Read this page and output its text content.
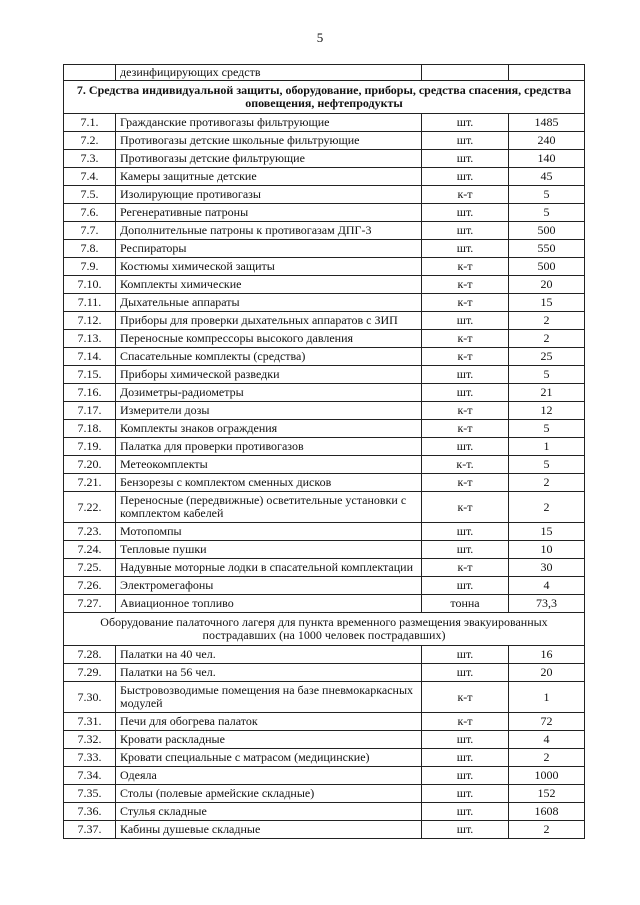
5
	дезинфицирующих средств		
7. Средства индивидуальной защиты, оборудование, приборы, средства спасения, средства оповещения, нефтепродукты			
7.1.	Гражданские противогазы фильтрующие	шт.	1485
7.2.	Противогазы детские школьные фильтрующие	шт.	240
7.3.	Противогазы детские фильтрующие	шт.	140
7.4.	Камеры защитные детские	шт.	45
7.5.	Изолирующие противогазы	к-т	5
7.6.	Регенеративные патроны	шт.	5
7.7.	Дополнительные патроны к противогазам ДПГ-3	шт.	500
7.8.	Респираторы	шт.	550
7.9.	Костюмы химической защиты	к-т	500
7.10.	Комплекты химические	к-т	20
7.11.	Дыхательные аппараты	к-т	15
7.12.	Приборы для проверки дыхательных аппаратов с ЗИП	шт.	2
7.13.	Переносные компрессоры высокого давления	к-т	2
7.14.	Спасательные комплекты (средства)	к-т	25
7.15.	Приборы химической разведки	шт.	5
7.16.	Дозиметры-радиометры	шт.	21
7.17.	Измерители дозы	к-т	12
7.18.	Комплекты знаков ограждения	к-т	5
7.19.	Палатка для проверки противогазов	шт.	1
7.20.	Метеокомплекты	к-т.	5
7.21.	Бензорезы с комплектом сменных дисков	к-т	2
7.22.	Переносные (передвижные) осветительные установки с комплектом кабелей	к-т	2
7.23.	Мотопомпы	шт.	15
7.24.	Тепловые пушки	шт.	10
7.25.	Надувные моторные лодки в спасательной комплектации	к-т	30
7.26.	Электромегафоны	шт.	4
7.27.	Авиационное топливо	тонна	73,3
Оборудование палаточного лагеря для пункта временного размещения эвакуированных пострадавших (на 1000 человек пострадавших)			
7.28.	Палатки на 40 чел.	шт.	16
7.29.	Палатки на 56 чел.	шт.	20
7.30.	Быстровозводимые помещения на базе пневмокаркасных модулей	к-т	1
7.31.	Печи для обогрева палаток	к-т	72
7.32.	Кровати раскладные	шт.	4
7.33.	Кровати специальные с матрасом (медицинские)	шт.	2
7.34.	Одеяла	шт.	1000
7.35.	Столы (полевые армейские складные)	шт.	152
7.36.	Стулья складные	шт.	1608
7.37.	Кабины душевые складные	шт.	2
